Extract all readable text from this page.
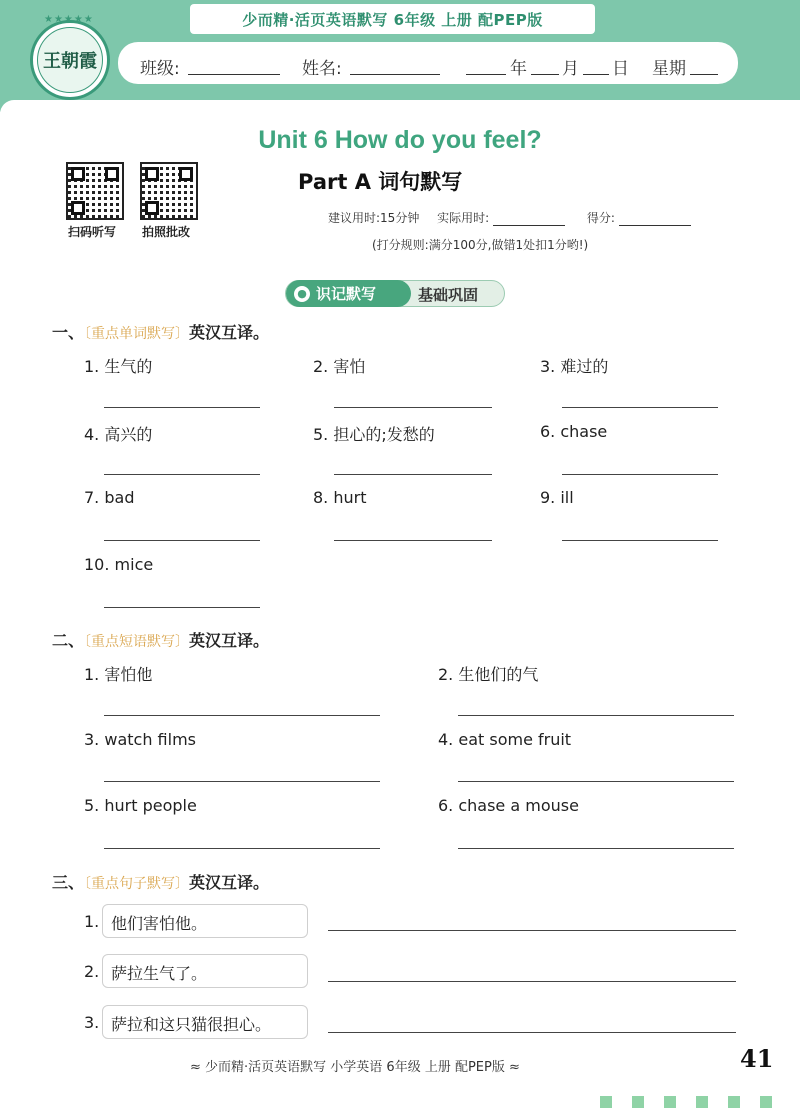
少而精·活页英语默写 6年级 上册 配PEP版
王朝霞
★★★★★
班级:	姓名:	年 月 日 星期
Unit 6 How do you feel?
Part A 词句默写
扫码听写 拍照批改
建议用时:15分钟 实际用时:	得分:
(打分规则:满分100分,做错1处扣1分哟!)
● 识记默写	基础巩固
一、〔重点单词默写〕英汉互译。
1. 生气的	2. 害怕	3. 难过的
4. 高兴的	5. 担心的;发愁的	6. chase
7. bad	8. hurt	9. ill
10. mice
二、〔重点短语默写〕英汉互译。
1. 害怕他	2. 生他们的气
3. watch films	4. eat some fruit
5. hurt people	6. chase a mouse
三、〔重点句子默写〕英汉互译。
1. 他们害怕他。
2. 萨拉生气了。
3. 萨拉和这只猫很担心。
≈ 少而精·活页英语默写 小学英语 6年级 上册 配PEP版 ≈	41
